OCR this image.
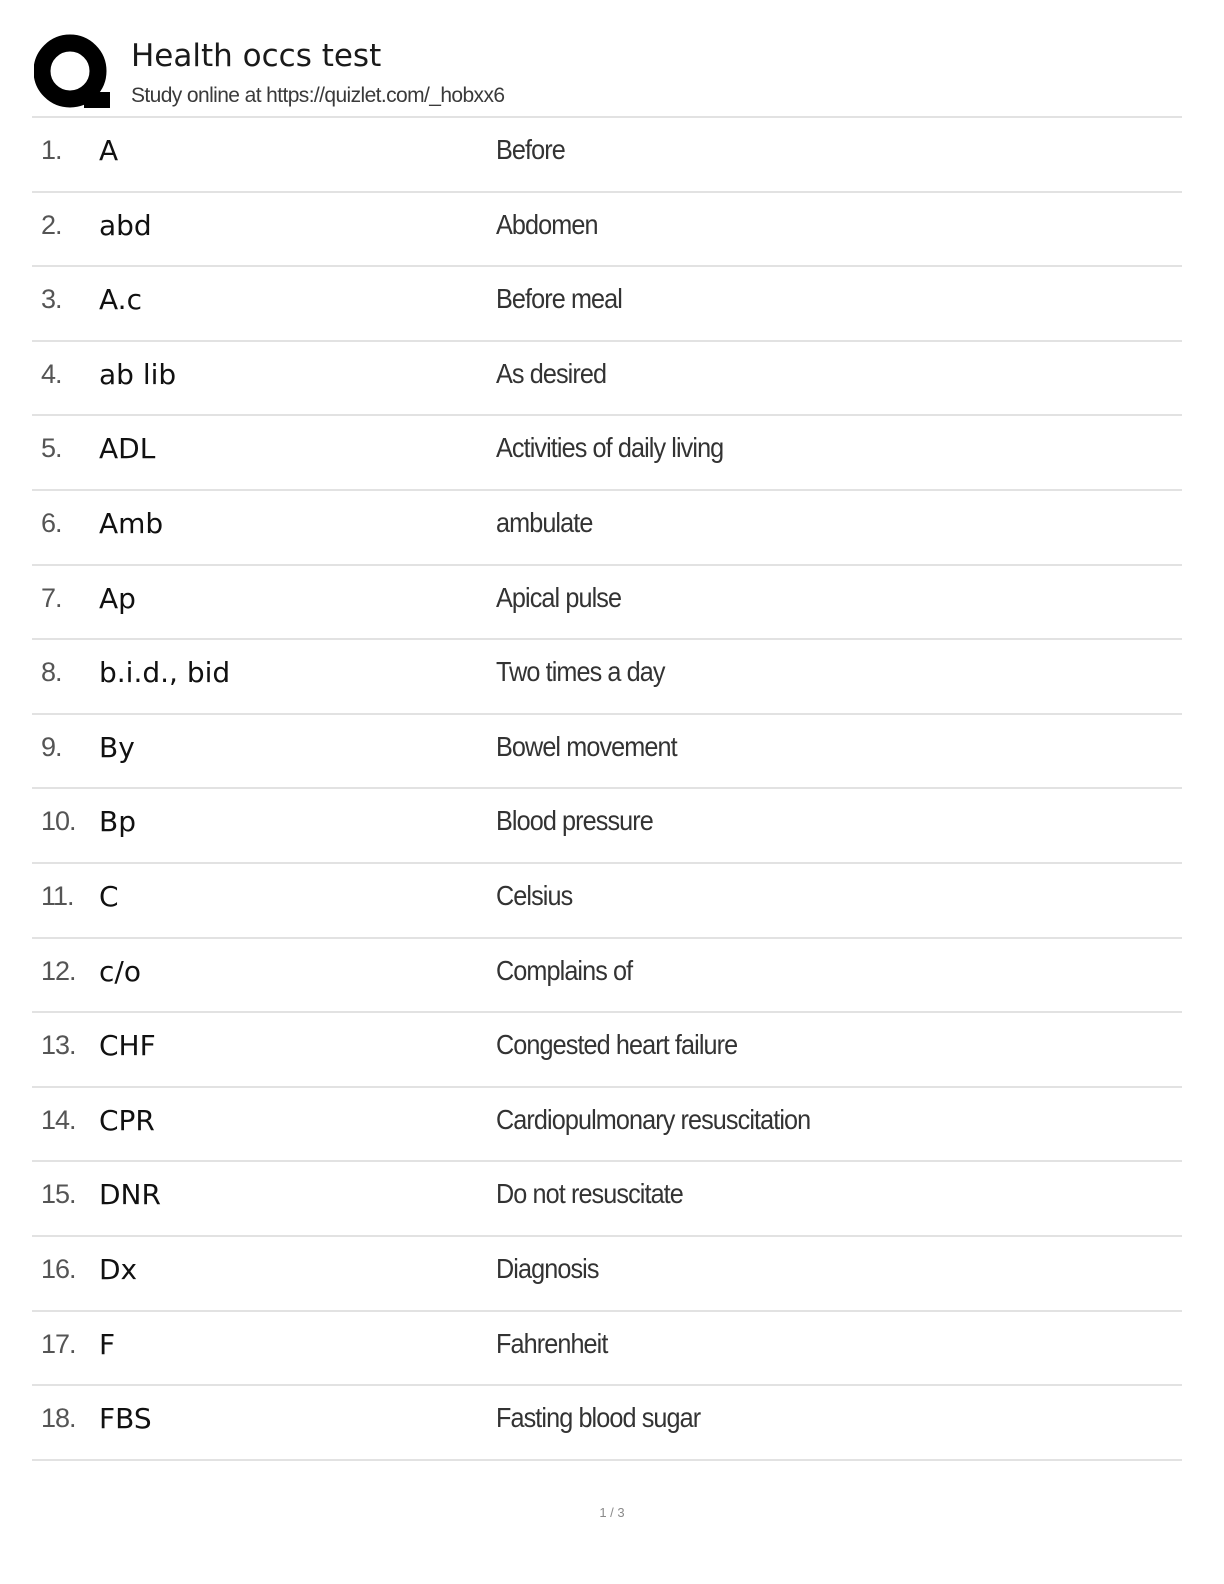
Health occs test
Study online at https://quizlet.com/_hobxx6
1. A	Before
2. abd	Abdomen
3. A.c	Before meal
4. ab lib	As desired
5. ADL	Activities of daily living
6. Amb	ambulate
7. Ap	Apical pulse
8. b.i.d., bid	Two times a day
9. By	Bowel movement
10. Bp	Blood pressure
11. C	Celsius
12. c/o	Complains of
13. CHF	Congested heart failure
14. CPR	Cardiopulmonary resuscitation
15. DNR	Do not resuscitate
16. Dx	Diagnosis
17. F	Fahrenheit
18. FBS	Fasting blood sugar
1 / 3
